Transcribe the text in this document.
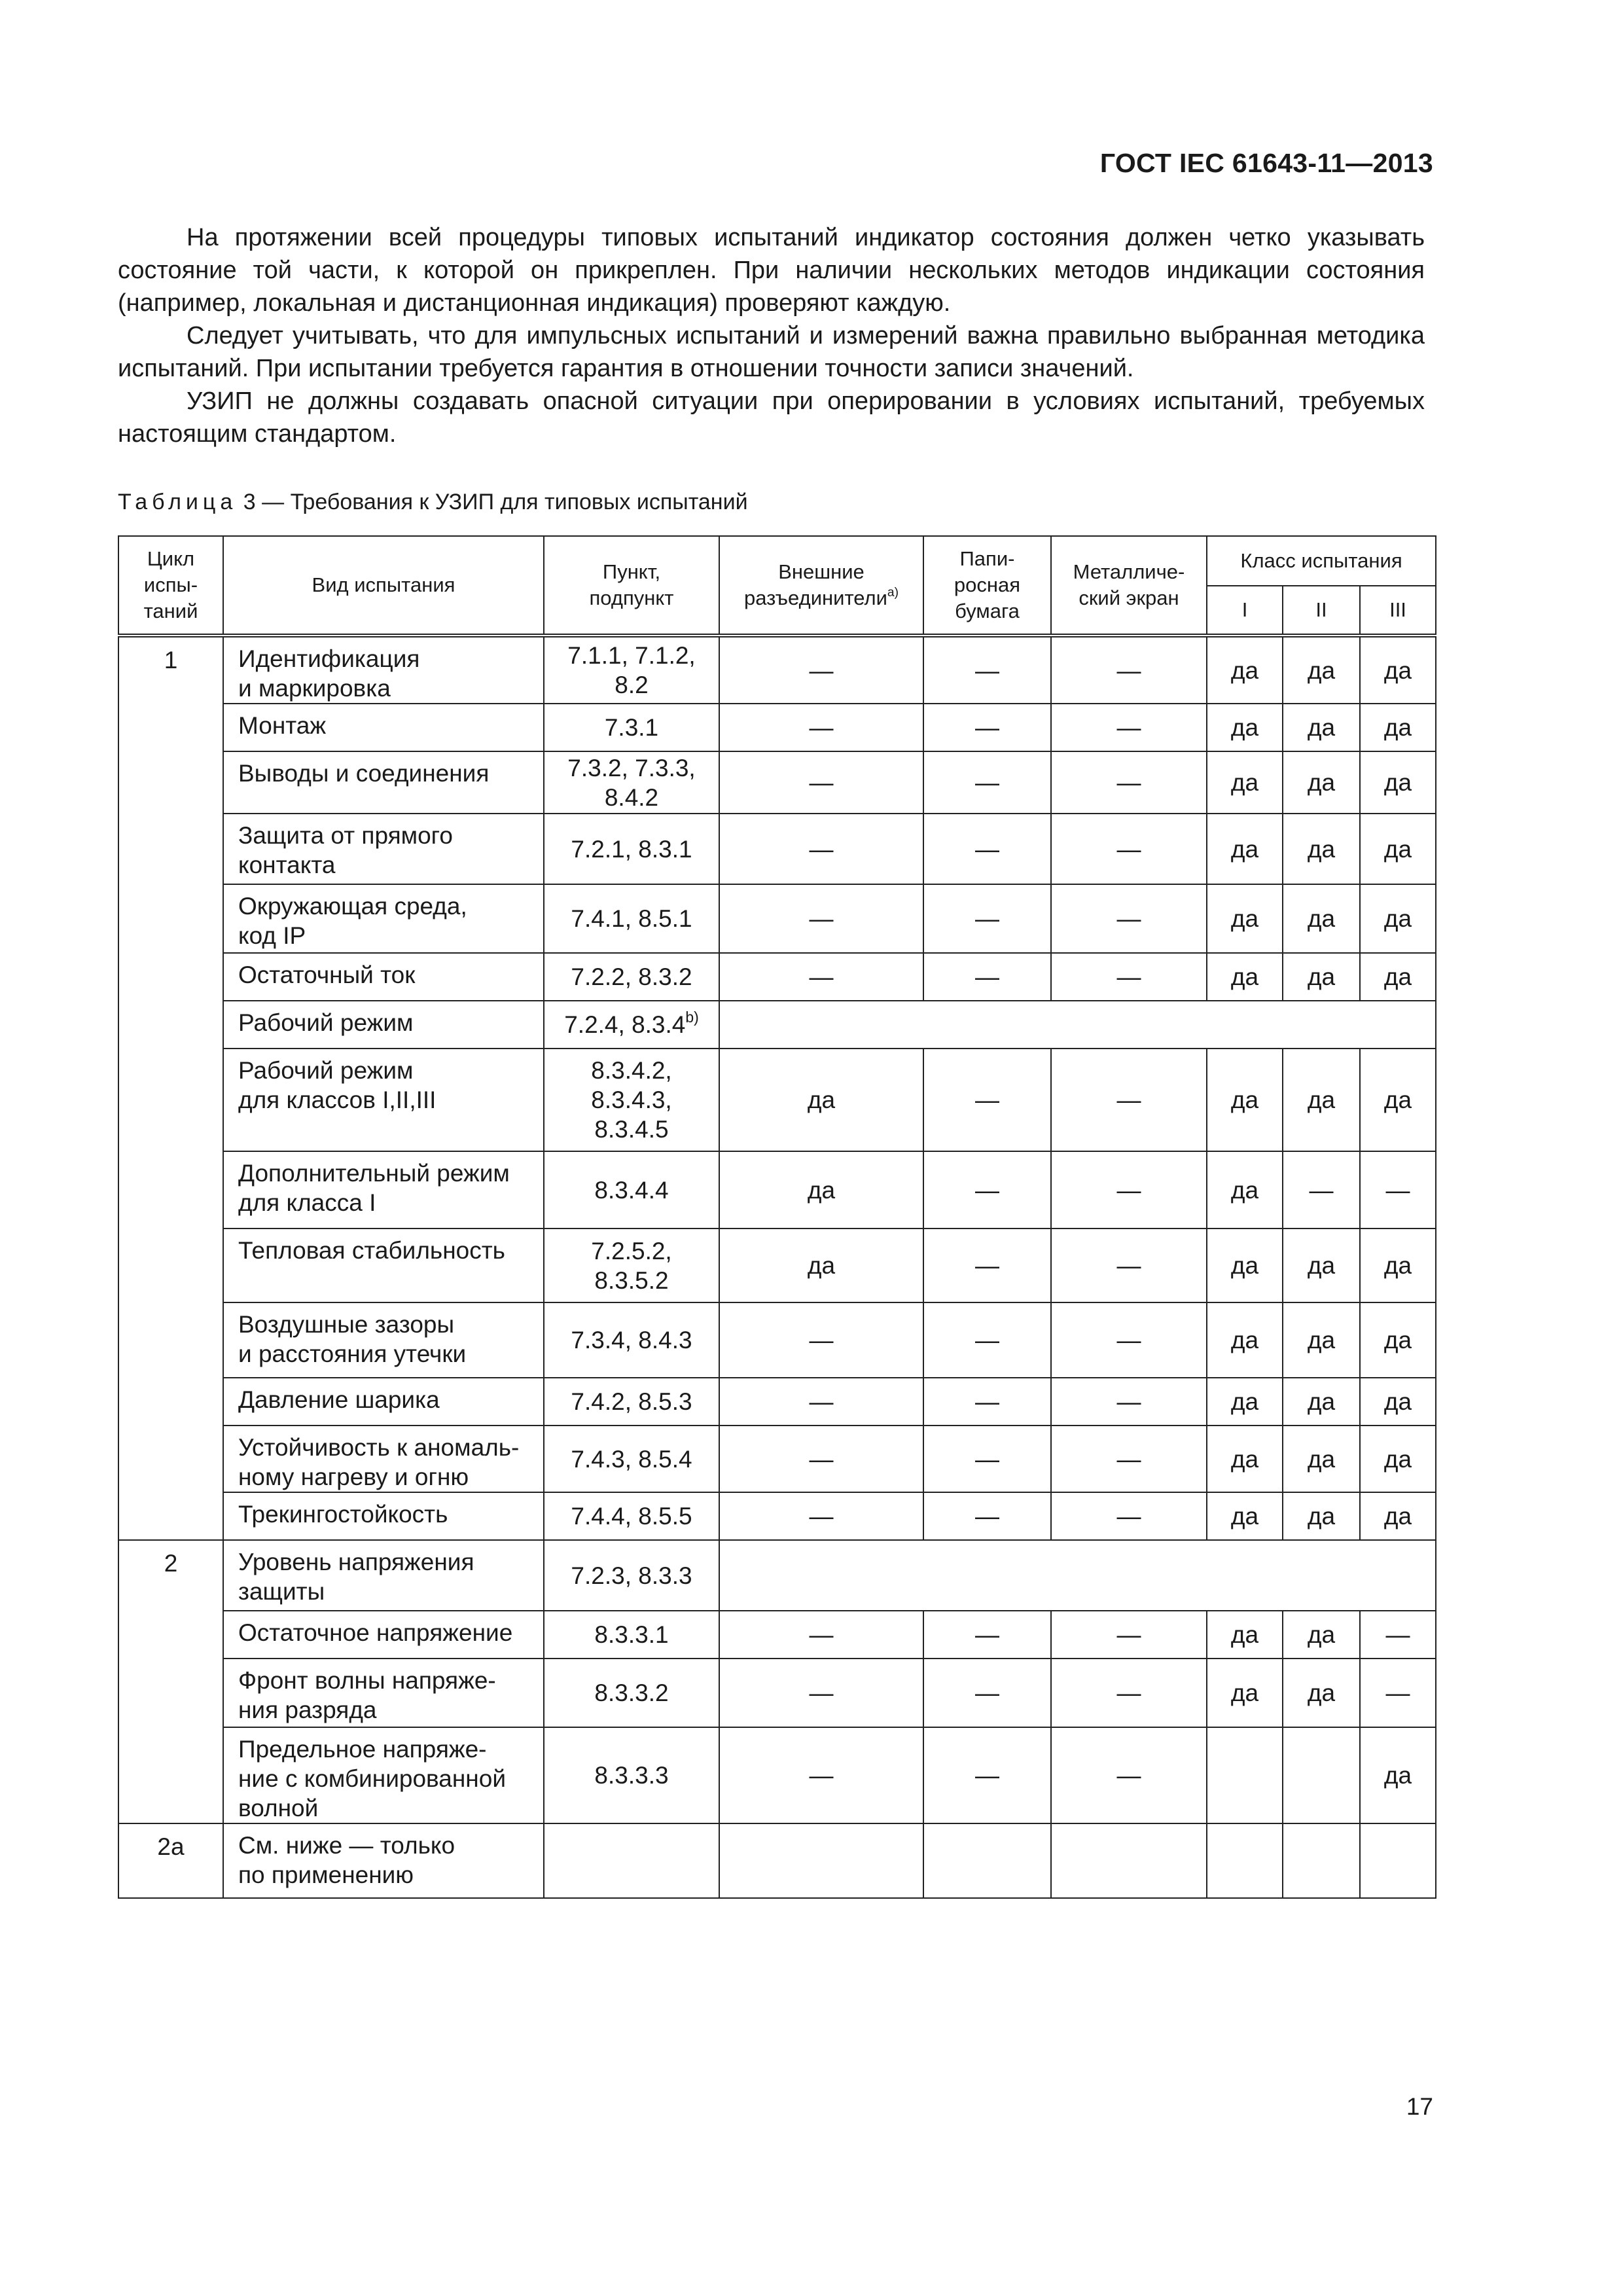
ГОСТ IEC 61643-11—2013

На протяжении всей процедуры типовых испытаний индикатор состояния должен четко указывать состояние той части, к которой он прикреплен. При наличии нескольких методов индикации состояния (например, локальная и дистанционная индикация) проверяют каждую.

Следует учитывать, что для импульсных испытаний и измерений важна правильно выбранная методика испытаний. При испытании требуется гарантия в отношении точности записи значений.

УЗИП не должны создавать опасной ситуации при оперировании в условиях испытаний, требуемых настоящим стандартом.

Таблица 3 — Требования к УЗИП для типовых испытаний
Цикл
испы-
таний	Вид испытания	Пункт,
подпункт	Внешние
разъединители$^{a)}$	Папи-
росная
бумага	Металличе-
ский экран	Класс испытания		
						I	II	III
1	Идентификация
и маркировка	7.1.1, 7.1.2,
8.2	—	—	—	да	да	да
	Монтаж	7.3.1	—	—	—	да	да	да
	Выводы и соединения	7.3.2, 7.3.3,
8.4.2	—	—	—	да	да	да
	Защита от прямого
контакта	7.2.1, 8.3.1	—	—	—	да	да	да
	Окружающая среда,
код IP	7.4.1, 8.5.1	—	—	—	да	да	да
	Остаточный ток	7.2.2, 8.3.2	—	—	—	да	да	да
	Рабочий режим	7.2.4, 8.3.4$^{b)}$	
	Рабочий режим
для классов I,II,III	8.3.4.2,
8.3.4.3,
8.3.4.5	да	—	—	да	да	да
	Дополнительный режим
для класса I	8.3.4.4	да	—	—	да	—	—
	Тепловая стабильность	7.2.5.2,
8.3.5.2	да	—	—	да	да	да
	Воздушные зазоры
и расстояния утечки	7.3.4, 8.4.3	—	—	—	да	да	да
	Давление шарика	7.4.2, 8.5.3	—	—	—	да	да	да
	Устойчивость к аномаль-
ному нагреву и огню	7.4.3, 8.5.4	—	—	—	да	да	да
	Трекингостойкость	7.4.4, 8.5.5	—	—	—	да	да	да
2	Уровень напряжения
защиты	7.2.3, 8.3.3						
	Остаточное напряжение	8.3.3.1	—	—	—	да	да	—
	Фронт волны напряже-
ния разряда	8.3.3.2	—	—	—	да	да	—
	Предельное напряже-
ние с комбинированной
волной	8.3.3.3	—	—	—			да
2a	См. ниже — только
по применению							
17
